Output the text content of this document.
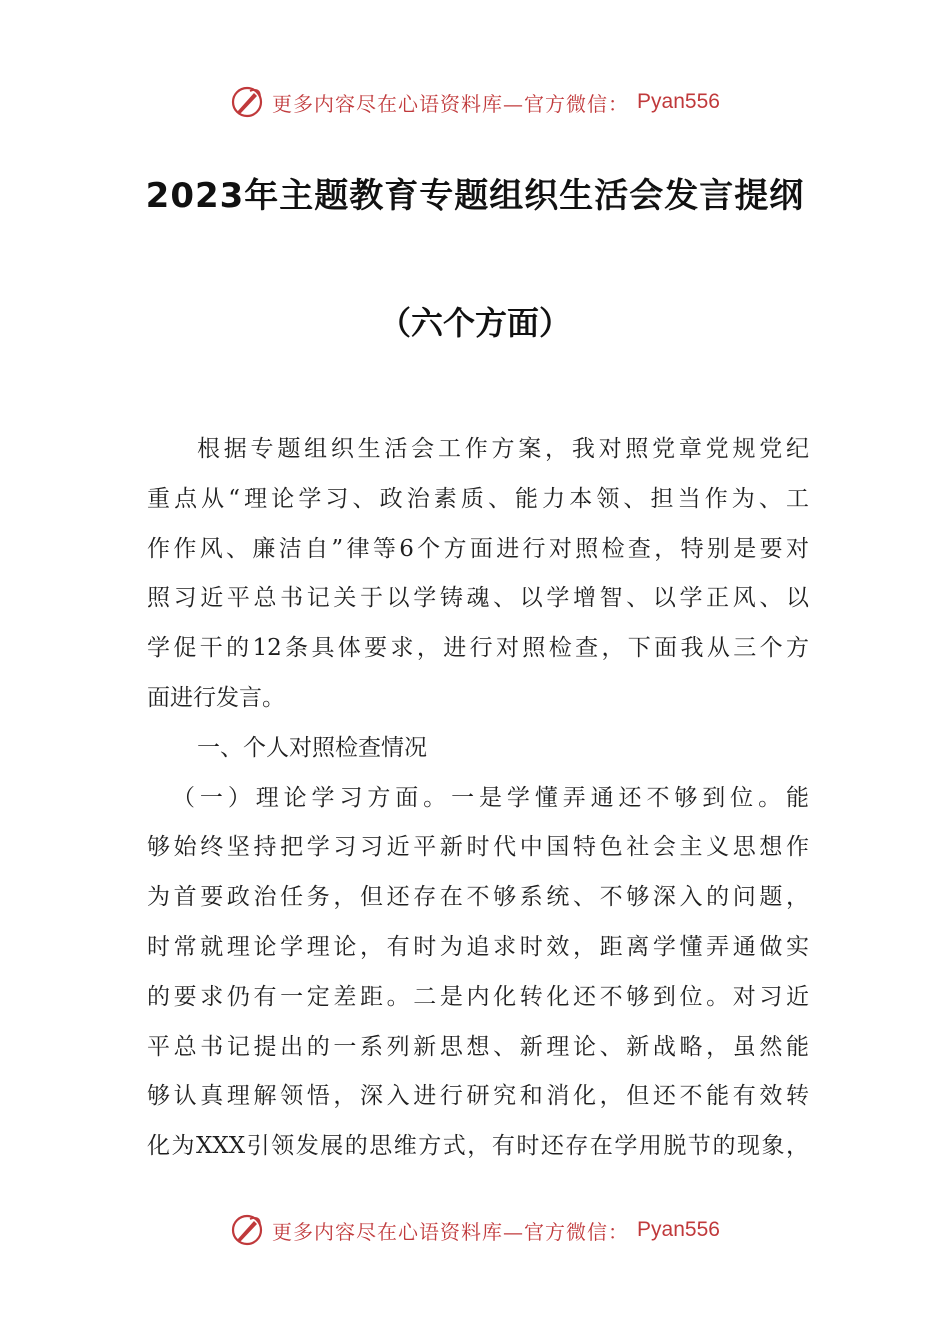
更多内容尽在心语资料库—官方微信： Pyan556
2023年主题教育专题组织生活会发言提纲
（六个方面）
根据专题组织生活会工作方案，我对照党章党规党纪
重点从“理论学习、政治素质、能力本领、担当作为、工
作作风、廉洁自”律等6个方面进行对照检查，特别是要对
照习近平总书记关于以学铸魂、以学增智、以学正风、以
学促干的12条具体要求，进行对照检查，下面我从三个方
面进行发言。
一、个人对照检查情况
（一）理论学习方面。一是学懂弄通还不够到位。能
够始终坚持把学习习近平新时代中国特色社会主义思想作
为首要政治任务，但还存在不够系统、不够深入的问题，
时常就理论学理论，有时为追求时效，距离学懂弄通做实
的要求仍有一定差距。二是内化转化还不够到位。对习近
平总书记提出的一系列新思想、新理论、新战略，虽然能
够认真理解领悟，深入进行研究和消化，但还不能有效转
化为XXX引领发展的思维方式，有时还存在学用脱节的现象，
更多内容尽在心语资料库—官方微信： Pyan556
